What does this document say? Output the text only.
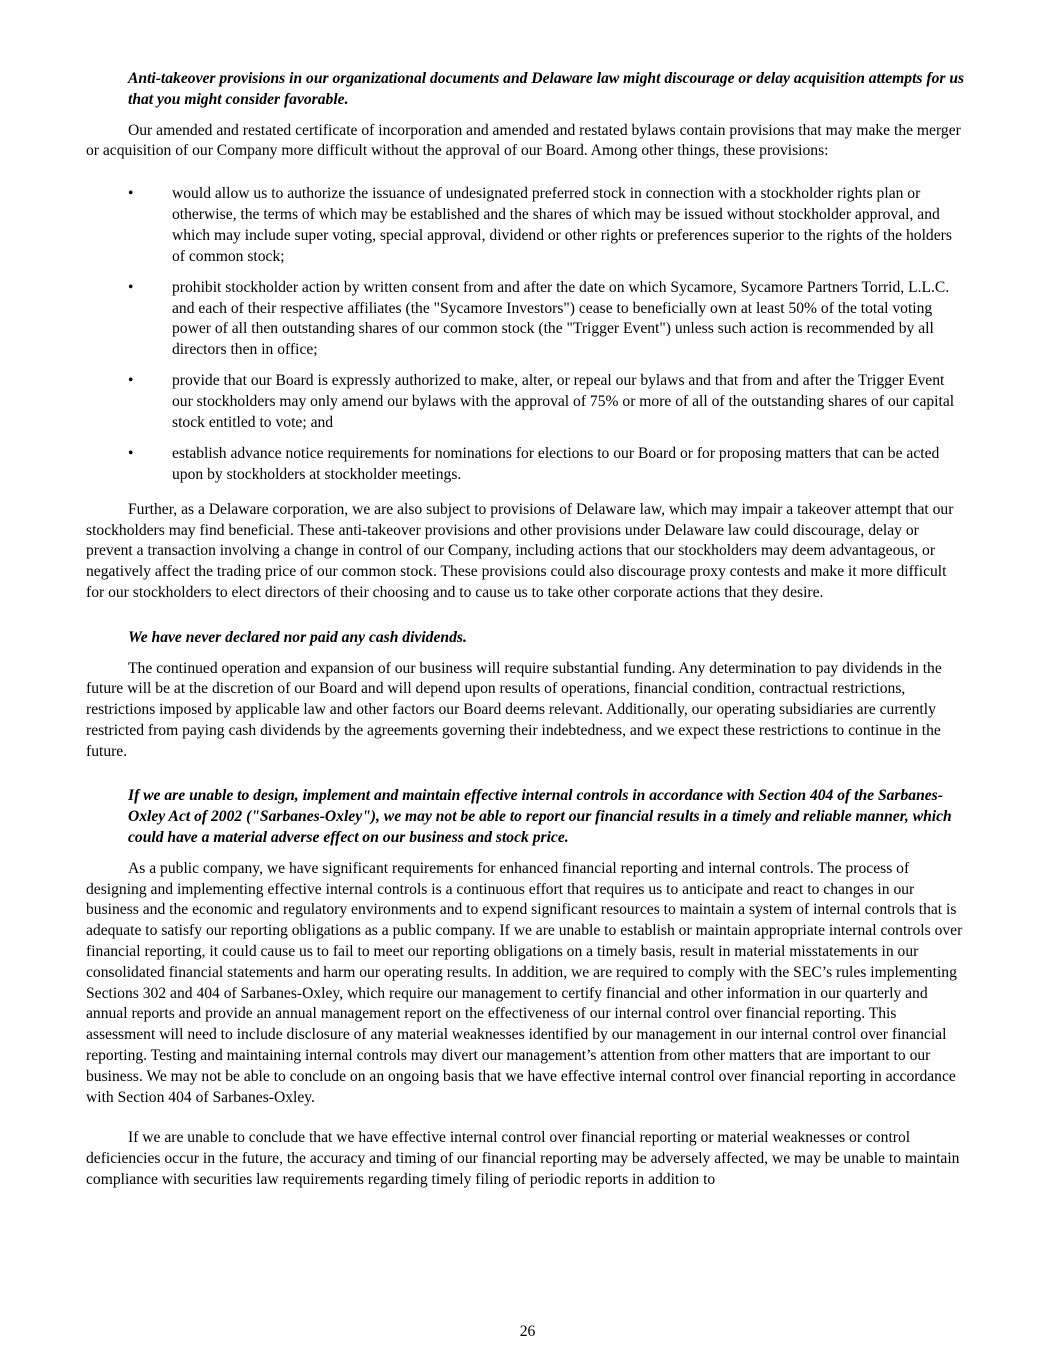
Anti-takeover provisions in our organizational documents and Delaware law might discourage or delay acquisition attempts for us that you might consider favorable.

Our amended and restated certificate of incorporation and amended and restated bylaws contain provisions that may make the merger or acquisition of our Company more difficult without the approval of our Board. Among other things, these provisions:

•	would allow us to authorize the issuance of undesignated preferred stock in connection with a stockholder rights plan or otherwise, the terms of which may be established and the shares of which may be issued without stockholder approval, and which may include super voting, special approval, dividend or other rights or preferences superior to the rights of the holders of common stock;
•	prohibit stockholder action by written consent from and after the date on which Sycamore, Sycamore Partners Torrid, L.L.C. and each of their respective affiliates (the "Sycamore Investors") cease to beneficially own at least 50% of the total voting power of all then outstanding shares of our common stock (the "Trigger Event") unless such action is recommended by all directors then in office;
•	provide that our Board is expressly authorized to make, alter, or repeal our bylaws and that from and after the Trigger Event our stockholders may only amend our bylaws with the approval of 75% or more of all of the outstanding shares of our capital stock entitled to vote; and
•	establish advance notice requirements for nominations for elections to our Board or for proposing matters that can be acted upon by stockholders at stockholder meetings.

Further, as a Delaware corporation, we are also subject to provisions of Delaware law, which may impair a takeover attempt that our stockholders may find beneficial. These anti-takeover provisions and other provisions under Delaware law could discourage, delay or prevent a transaction involving a change in control of our Company, including actions that our stockholders may deem advantageous, or negatively affect the trading price of our common stock. These provisions could also discourage proxy contests and make it more difficult for our stockholders to elect directors of their choosing and to cause us to take other corporate actions that they desire.

We have never declared nor paid any cash dividends.

The continued operation and expansion of our business will require substantial funding. Any determination to pay dividends in the future will be at the discretion of our Board and will depend upon results of operations, financial condition, contractual restrictions, restrictions imposed by applicable law and other factors our Board deems relevant. Additionally, our operating subsidiaries are currently restricted from paying cash dividends by the agreements governing their indebtedness, and we expect these restrictions to continue in the future.

If we are unable to design, implement and maintain effective internal controls in accordance with Section 404 of the Sarbanes-Oxley Act of 2002 ("Sarbanes-Oxley"), we may not be able to report our financial results in a timely and reliable manner, which could have a material adverse effect on our business and stock price.

As a public company, we have significant requirements for enhanced financial reporting and internal controls. The process of designing and implementing effective internal controls is a continuous effort that requires us to anticipate and react to changes in our business and the economic and regulatory environments and to expend significant resources to maintain a system of internal controls that is adequate to satisfy our reporting obligations as a public company. If we are unable to establish or maintain appropriate internal controls over financial reporting, it could cause us to fail to meet our reporting obligations on a timely basis, result in material misstatements in our consolidated financial statements and harm our operating results. In addition, we are required to comply with the SEC’s rules implementing Sections 302 and 404 of Sarbanes-Oxley, which require our management to certify financial and other information in our quarterly and annual reports and provide an annual management report on the effectiveness of our internal control over financial reporting. This assessment will need to include disclosure of any material weaknesses identified by our management in our internal control over financial reporting. Testing and maintaining internal controls may divert our management’s attention from other matters that are important to our business. We may not be able to conclude on an ongoing basis that we have effective internal control over financial reporting in accordance with Section 404 of Sarbanes-Oxley.

If we are unable to conclude that we have effective internal control over financial reporting or material weaknesses or control deficiencies occur in the future, the accuracy and timing of our financial reporting may be adversely affected, we may be unable to maintain compliance with securities law requirements regarding timely filing of periodic reports in addition to

26
